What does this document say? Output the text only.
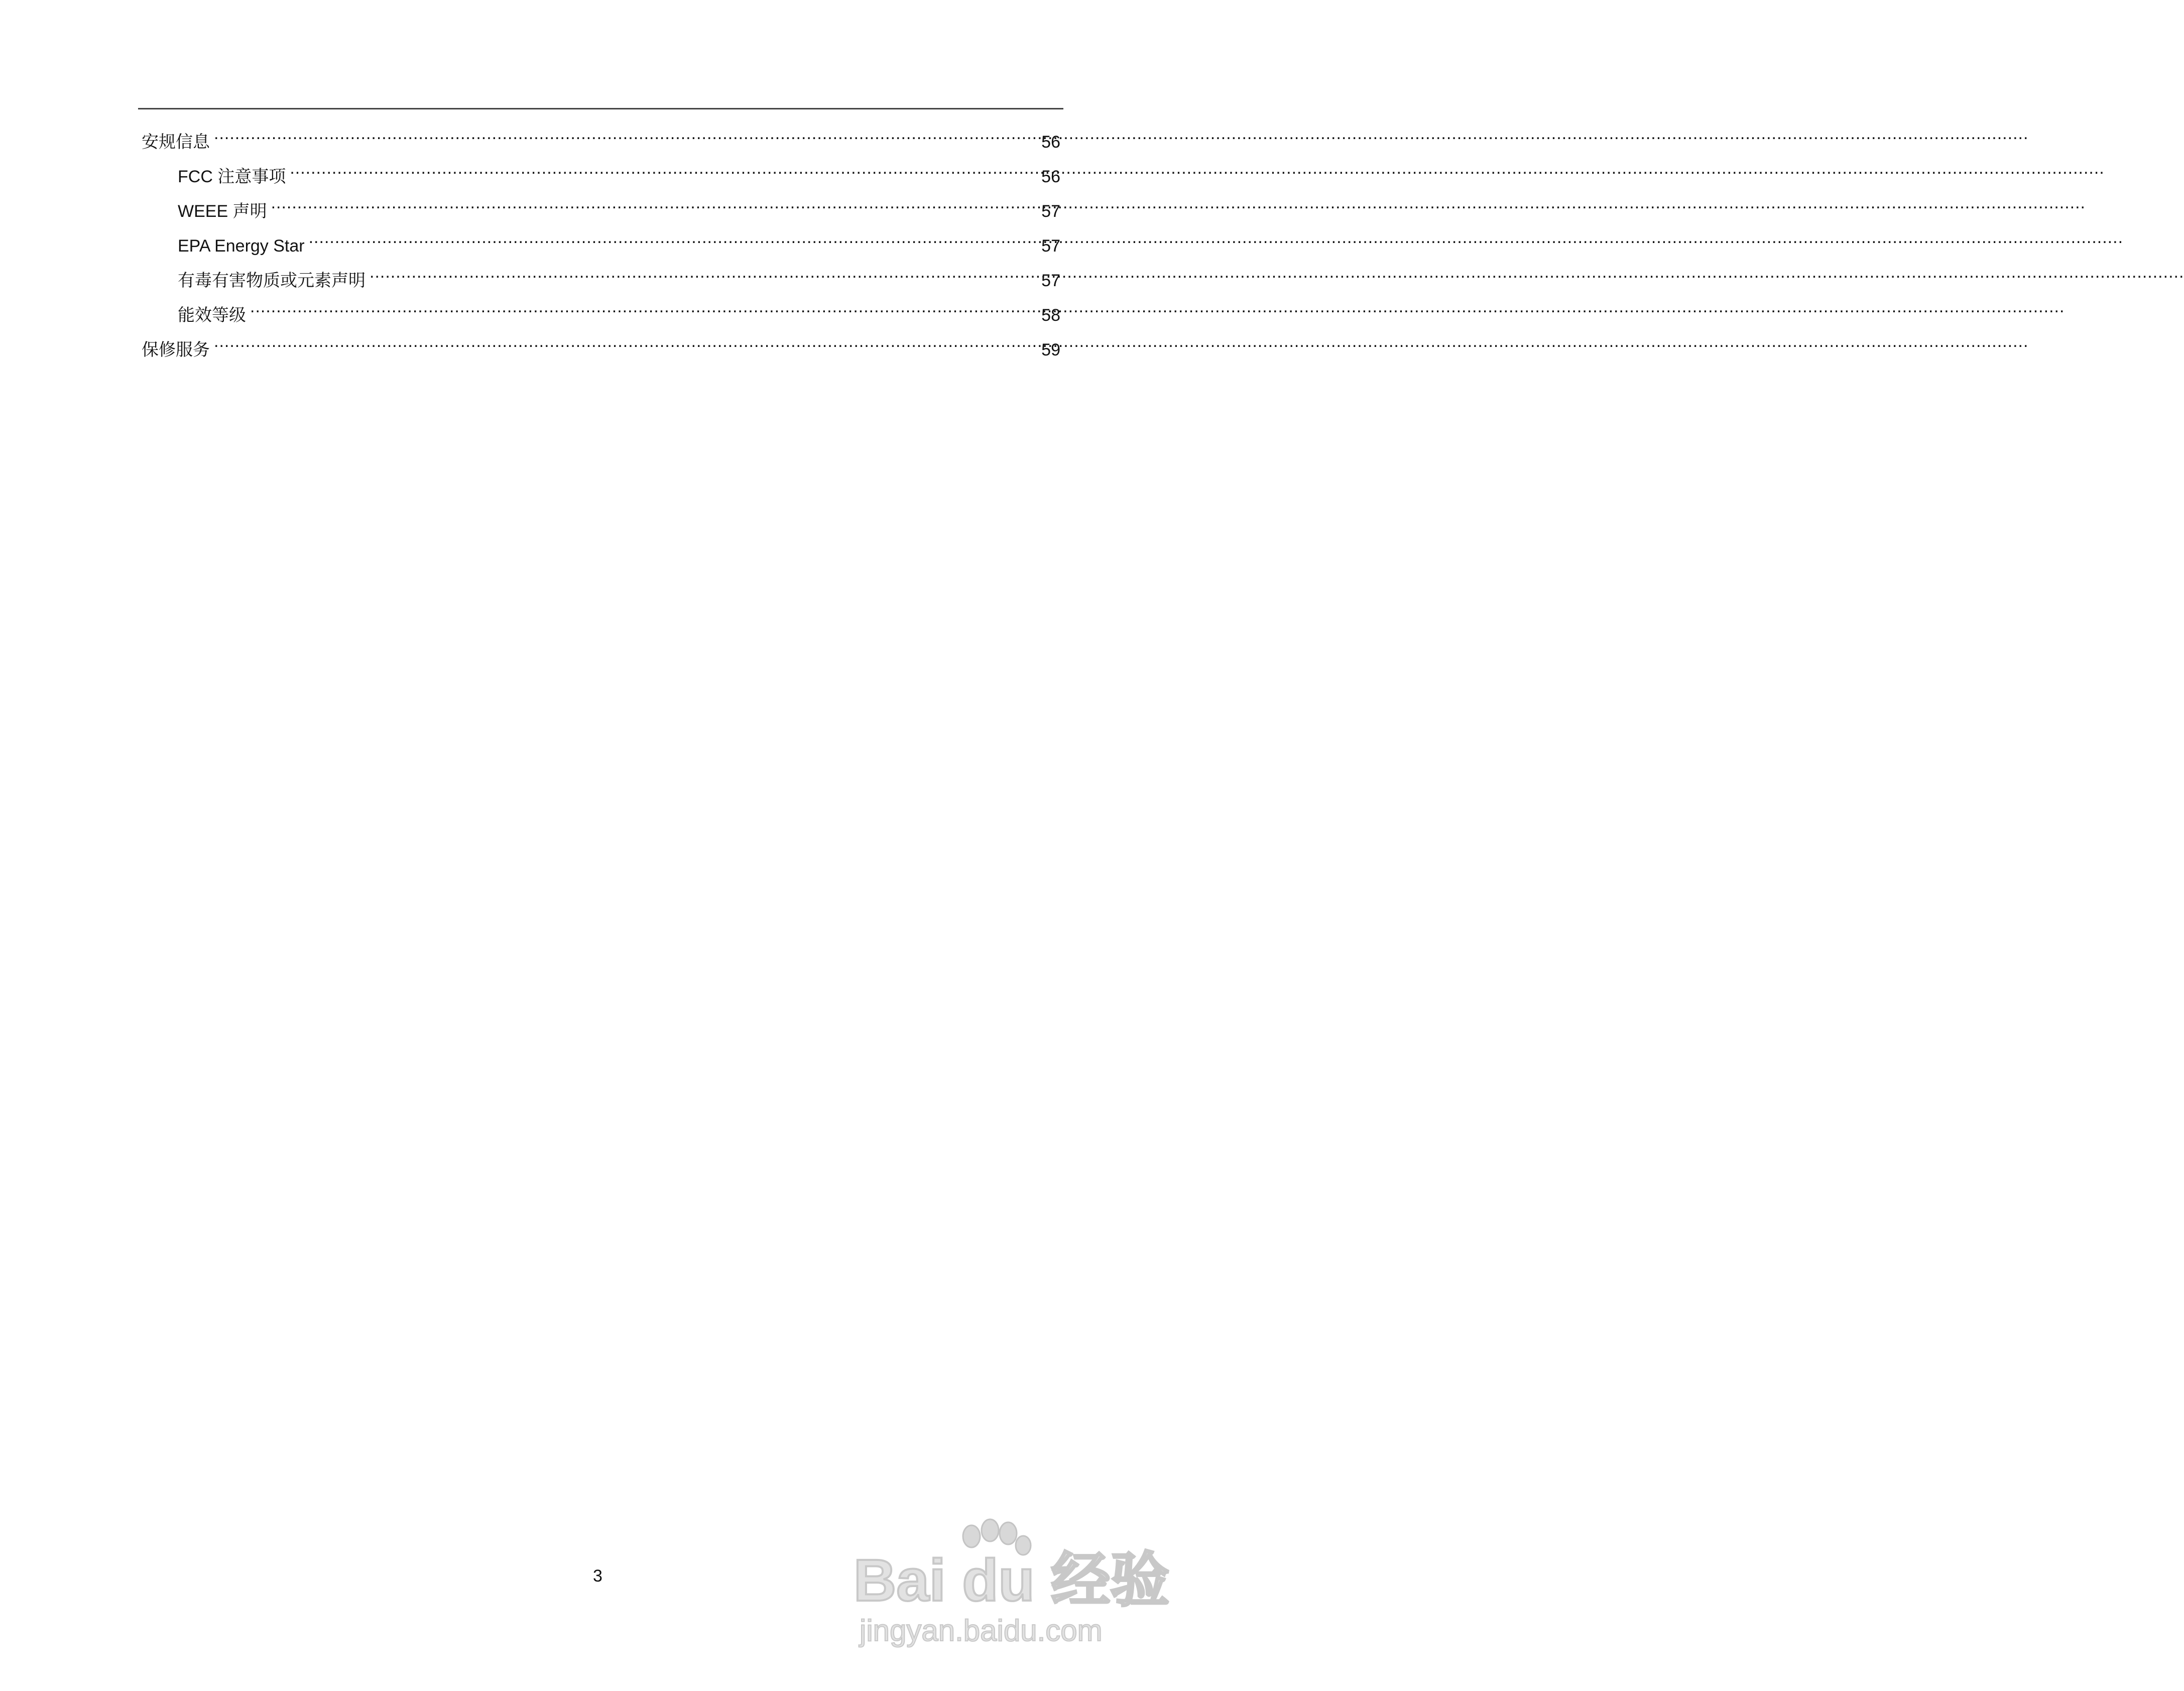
安规信息 .....	56
FCC 注意事项 .....	56
WEEE 声明 .....	57
EPA Energy Star .....	57
有毒有害物质或元素声明 .....	57
能效等级 .....	58
保修服务 .....	59
3	Bai du 经验
jingyan.baidu.com
